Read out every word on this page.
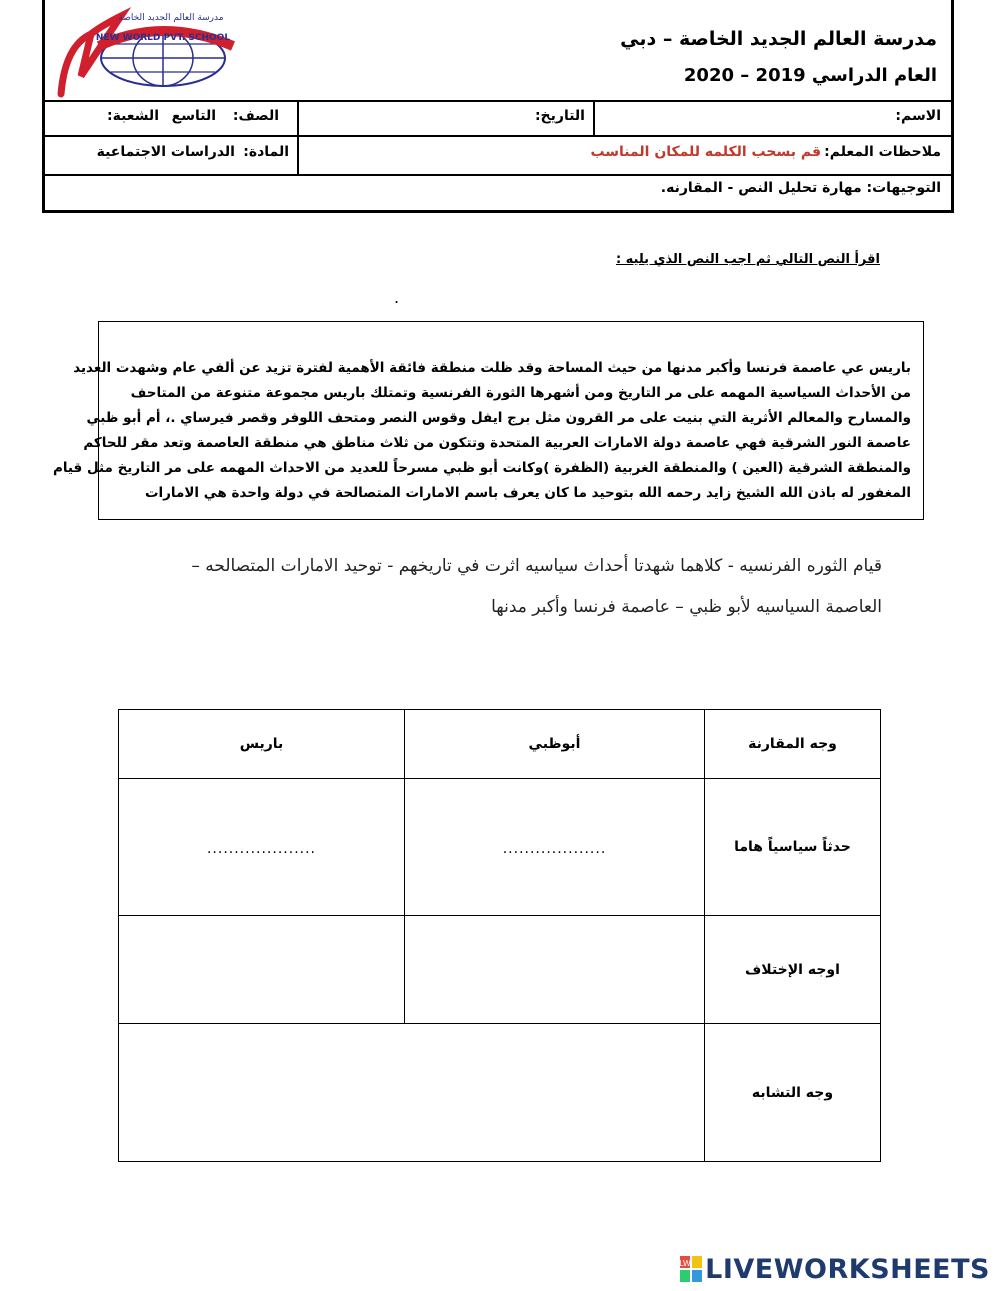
NEW WORLD PVT. SCHOOL
مدرسة العالم الجديد الخاصة
مدرسة العالم الجديد الخاصة – دبي
العام الدراسي 2019 – 2020
الاسم:
التاريخ:
الصف:
التاسع
الشعبة:
ملاحظات المعلم:
قم بسحب الكلمه للمكان المناسب
المادة:
الدراسات الاجتماعية
التوجيهات: مهارة تحليل النص - المقارنه.
اقرأ النص التالي ثم اجب النص الذي يليه :
.
باريس عي عاصمة فرنسا وأكبر مدنها من حيث المساحة وقد ظلت منطقة فائقة الأهمية لفترة تزيد عن ألفي عام وشهدت العديد
من الأحداث السياسية المهمه على مر التاريخ ومن أشهرها الثورة الفرنسية وتمتلك باريس مجموعة متنوعة من المتاحف
والمسارح والمعالم الأثرية التي بنيت على مر القرون مثل برج ايفل وقوس النصر ومتحف اللوفر وقصر فيرساي .، أم أبو ظبي
عاصمة النور الشرقية فهي عاصمة دولة الامارات العربية المتحدة وتتكون من ثلاث مناطق هي منطقة العاصمة وتعد مقر للحاكم
والمنطقة الشرقية (العين ) والمنطقة الغربية (الظفرة )وكانت أبو ظبي مسرحاً للعديد من الاحداث المهمه على مر التاريخ مثل قيام
المغفور له باذن الله الشيخ زايد رحمه الله بتوحيد ما كان يعرف باسم الامارات المتصالحة في دولة واحدة هي الامارات
قيام الثوره الفرنسيه - كلاهما شهدتا أحداث سياسيه اثرت في تاريخهم - توحيد الامارات المتصالحه –
العاصمة السياسيه لأبو ظبي – عاصمة فرنسا وأكبر مدنها
باريس	أبوظبي	وجه المقارنة
....................	...................	حدثاً سياسياً هاما
		اوجه الإختلاف
		وجه التشابه
LW LIVEWORKSHEETS
